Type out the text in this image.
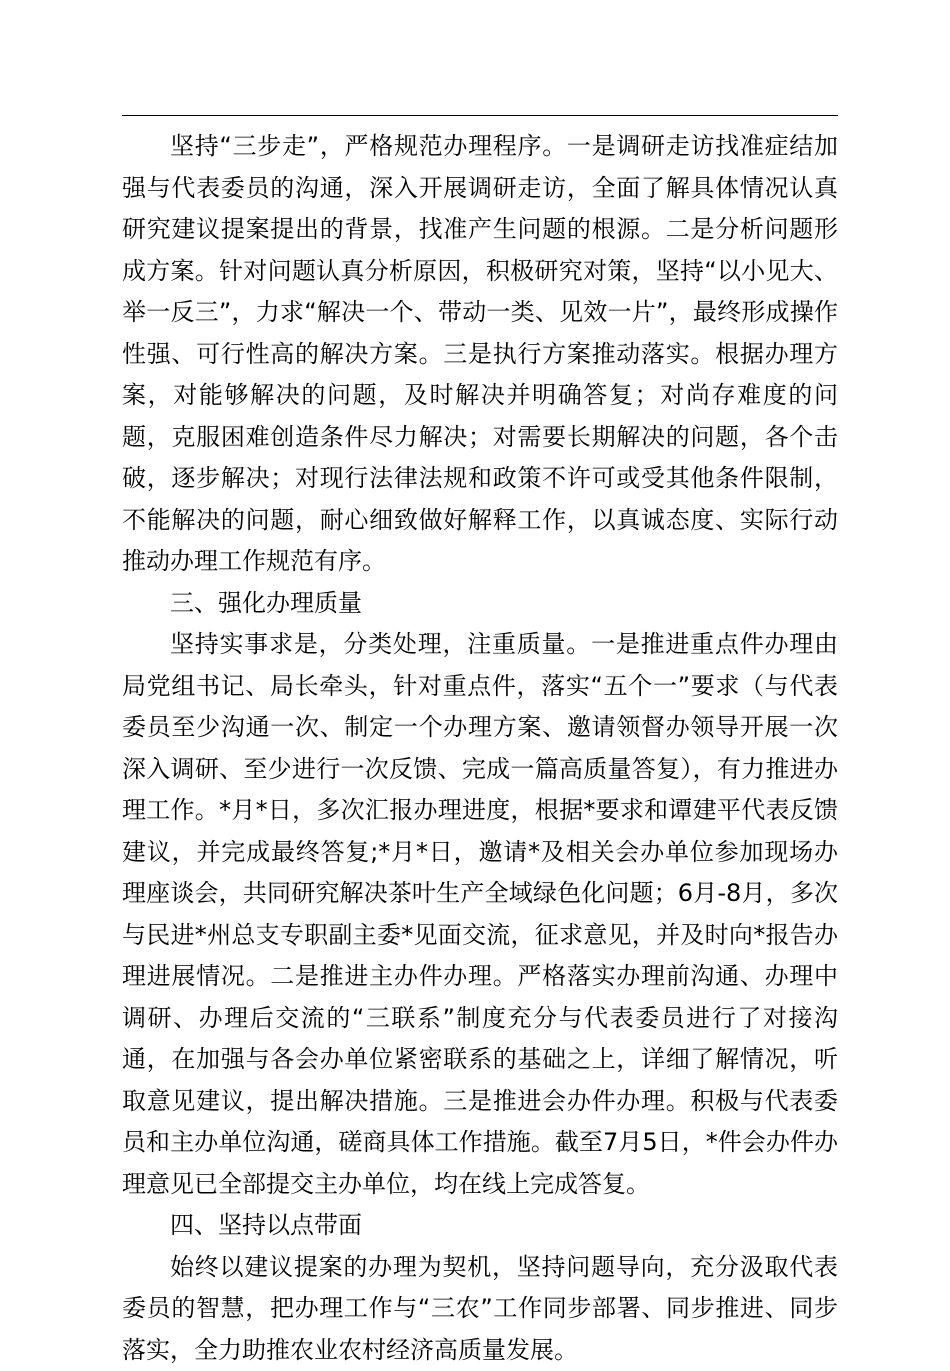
坚持“三步走”，严格规范办理程序。一是调研走访找准症结加强与代表委员的沟通，深入开展调研走访，全面了解具体情况认真研究建议提案提出的背景，找准产生问题的根源。二是分析问题形成方案。针对问题认真分析原因，积极研究对策，坚持“以小见大、举一反三”，力求“解决一个、带动一类、见效一片”，最终形成操作性强、可行性高的解决方案。三是执行方案推动落实。根据办理方案，对能够解决的问题，及时解决并明确答复；对尚存难度的问题，克服困难创造条件尽力解决；对需要长期解决的问题，各个击破，逐步解决；对现行法律法规和政策不许可或受其他条件限制，不能解决的问题，耐心细致做好解释工作，以真诚态度、实际行动推动办理工作规范有序。

三、强化办理质量

坚持实事求是，分类处理，注重质量。一是推进重点件办理由局党组书记、局长牵头，针对重点件，落实“五个一”要求（与代表委员至少沟通一次、制定一个办理方案、邀请领督办领导开展一次深入调研、至少进行一次反馈、完成一篇高质量答复），有力推进办理工作。*月*日，多次汇报办理进度，根据*要求和谭建平代表反馈建议，并完成最终答复;*月*日，邀请*及相关会办单位参加现场办理座谈会，共同研究解决茶叶生产全域绿色化问题；6月-8月，多次与民进*州总支专职副主委*见面交流，征求意见，并及时向*报告办理进展情况。二是推进主办件办理。严格落实办理前沟通、办理中调研、办理后交流的“三联系”制度充分与代表委员进行了对接沟通，在加强与各会办单位紧密联系的基础之上，详细了解情况，听取意见建议，提出解决措施。三是推进会办件办理。积极与代表委员和主办单位沟通，磋商具体工作措施。截至7月5日，*件会办件办理意见已全部提交主办单位，均在线上完成答复。

四、坚持以点带面

始终以建议提案的办理为契机，坚持问题导向，充分汲取代表委员的智慧，把办理工作与“三农”工作同步部署、同步推进、同步落实，全力助推农业农村经济高质量发展。
